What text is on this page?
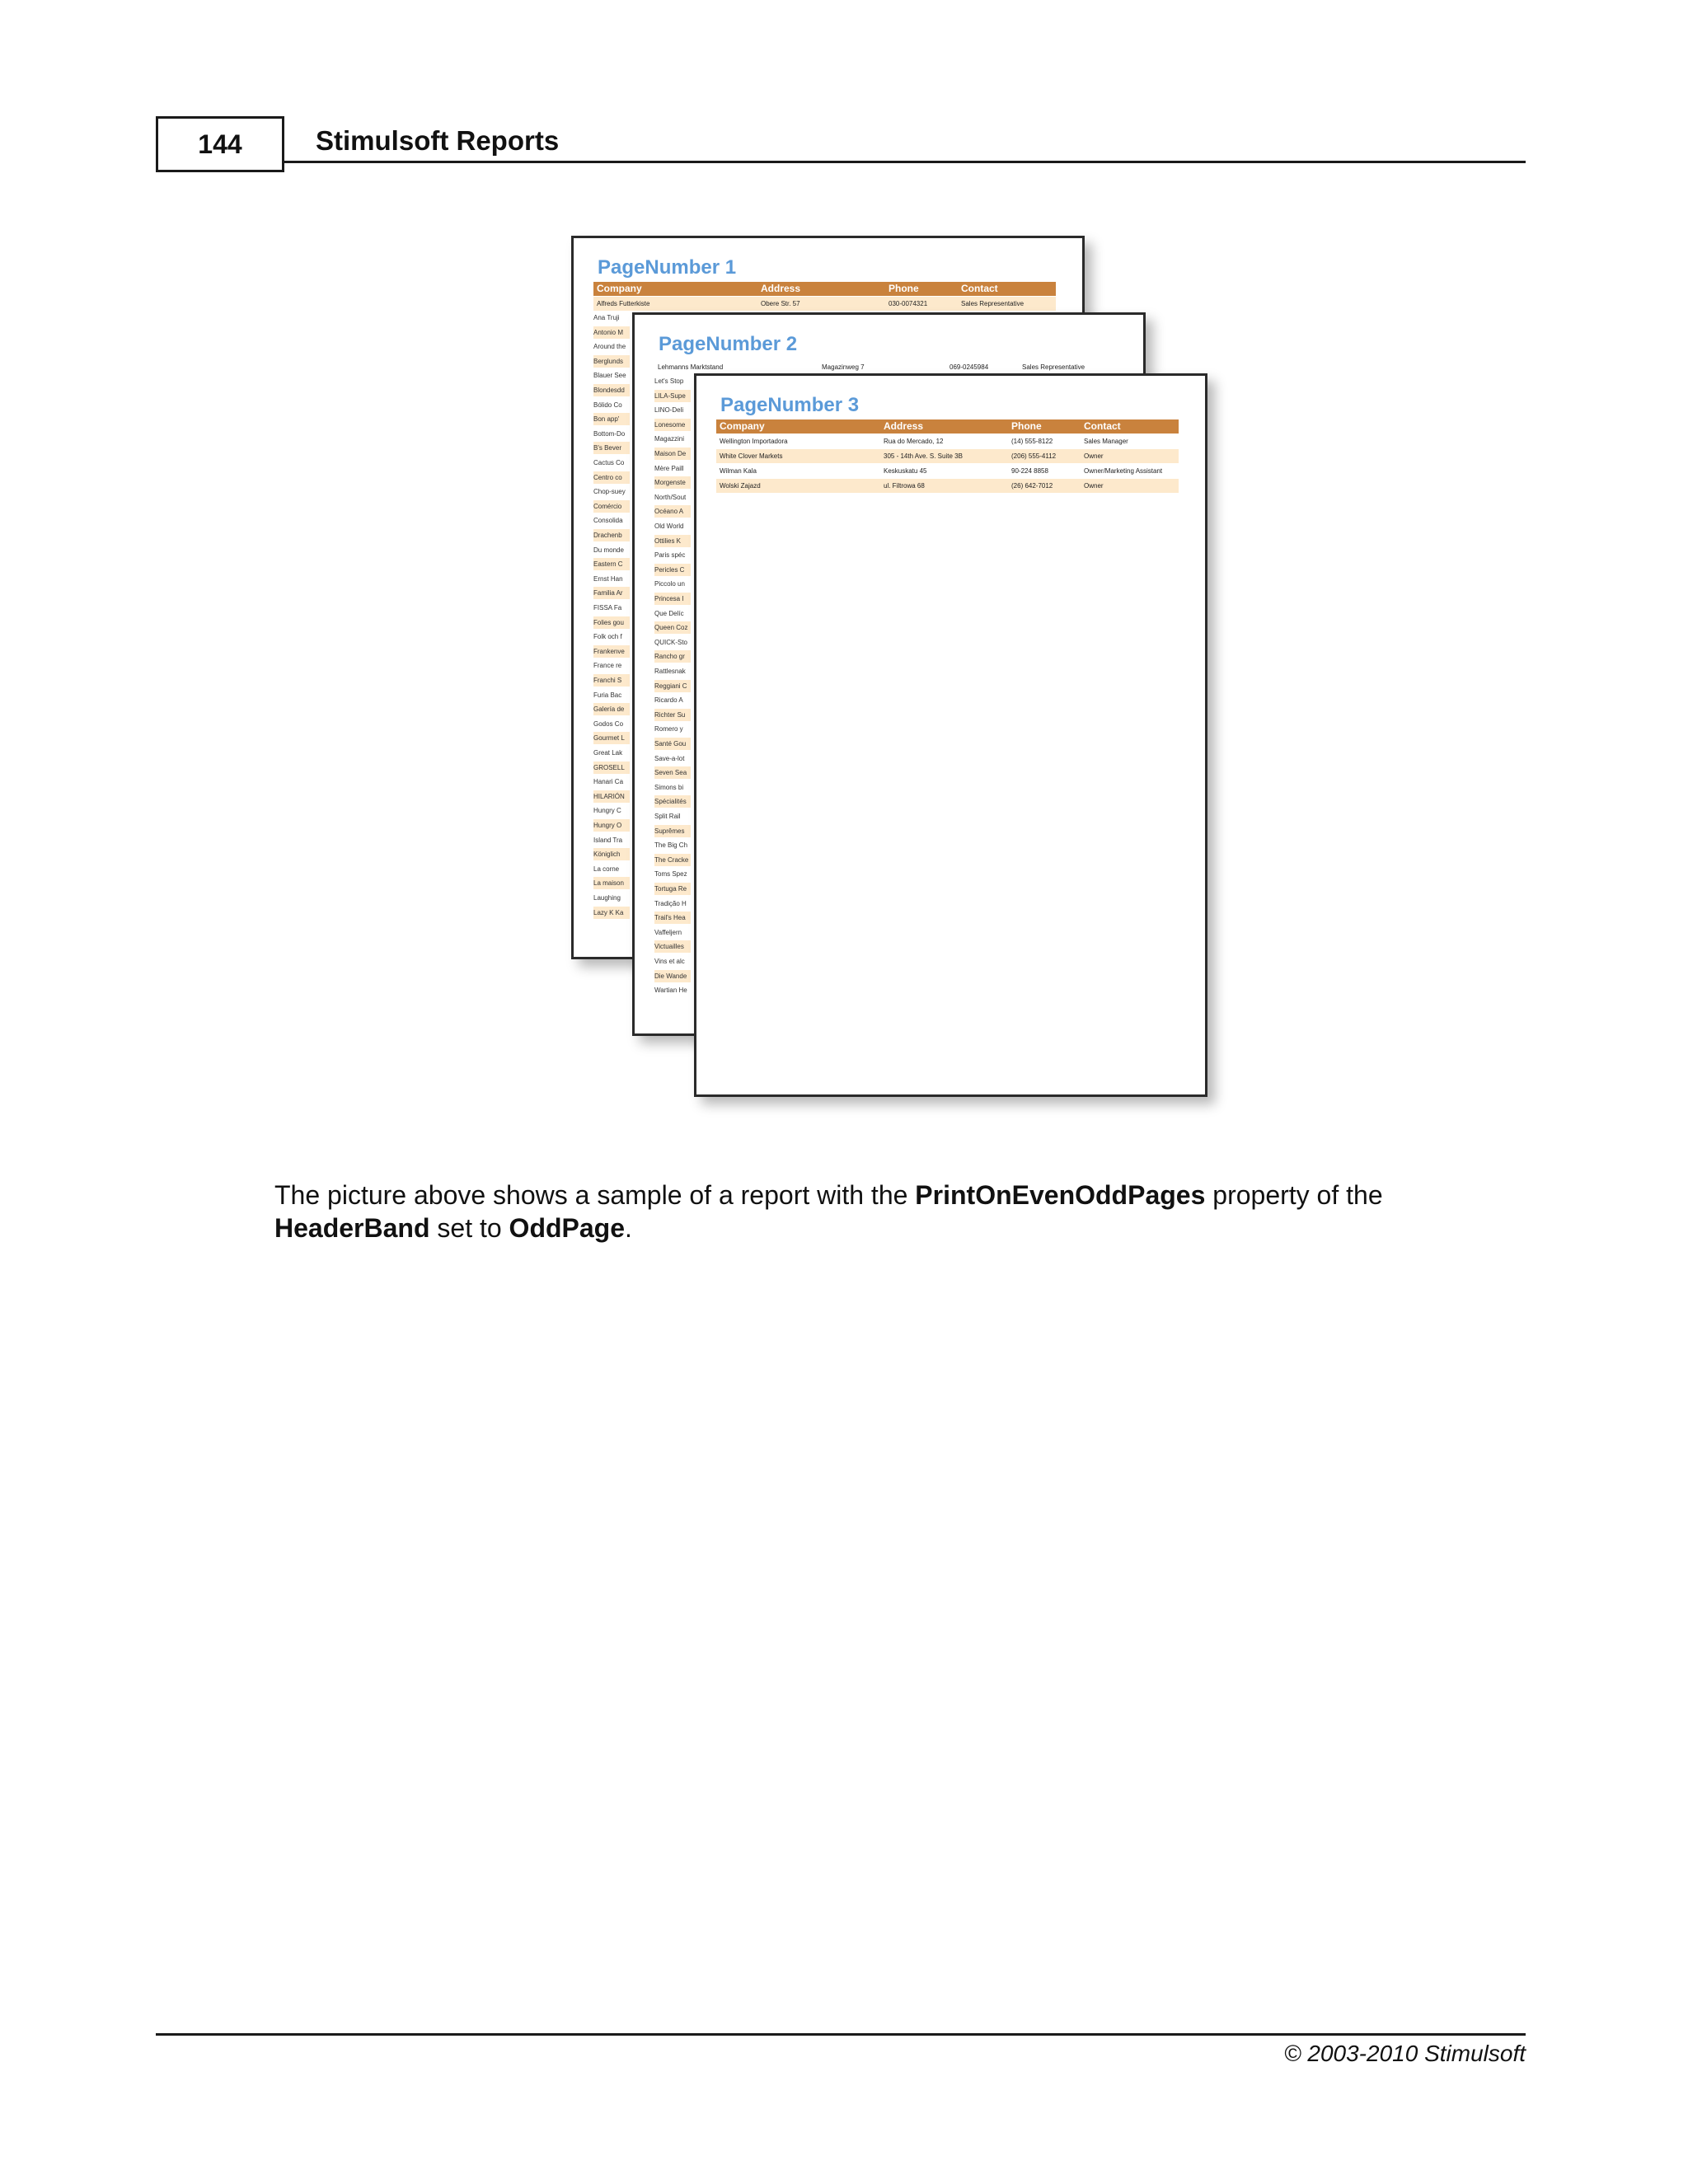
144	Stimulsoft Reports
PageNumber 1
Company	Address	Phone	Contact
Alfreds Futterkiste	Obere Str. 57	030-0074321	Sales Representative
Ana Truji
Antonio M
Around the
Berglunds
Blauer See
Blondesdd
Bólido Co
Bon app'
Bottom-Do
B's Bever
Cactus Co
Centro co
Chop-suey
Comércio
Consolida
Drachenb
Du monde
Eastern C
Ernst Han
Familia Ar
FISSA Fa
Folies gou
Folk och f
Frankenve
France re
Franchi S
Furia Bac
Galería de
Godos Co
Gourmet L
Great Lak
GROSELL
Hanari Ca
HILARIÓN
Hungry C
Hungry O
Island Tra
Königlich
La corne
La maison
Laughing
Lazy K Ka
PageNumber 2
Lehmanns Marktstand	Magazinweg 7	069-0245984	Sales Representative
Let's Stop
LILA-Supe
LINO-Deli
Lonesome
Magazzini
Maison De
Mère Paill
Morgenste
North/Sout
Océano A
Old World
Ottilies K
Paris spéc
Pericles C
Piccolo un
Princesa I
Que Delíc
Queen Coz
QUICK-Sto
Rancho gr
Rattlesnak
Reggiani C
Ricardo A
Richter Su
Romero y
Santé Gou
Save-a-lot
Seven Sea
Simons bi
Spécialités
Split Rail
Suprêmes
The Big Ch
The Cracke
Toms Spez
Tortuga Re
Tradição H
Trail's Hea
Vaffeljern
Victuailles
Vins et alc
Die Wande
Wartian He
PageNumber 3
Company	Address	Phone	Contact
Wellington Importadora	Rua do Mercado, 12	(14) 555-8122	Sales Manager
White Clover Markets	305 - 14th Ave. S. Suite 3B	(206) 555-4112	Owner
Wilman Kala	Keskuskatu 45	90-224 8858	Owner/Marketing Assistant
Wolski Zajazd	ul. Filtrowa 68	(26) 642-7012	Owner

The picture above shows a sample of a report with the PrintOnEvenOddPages property of the HeaderBand set to OddPage.

© 2003-2010 Stimulsoft
